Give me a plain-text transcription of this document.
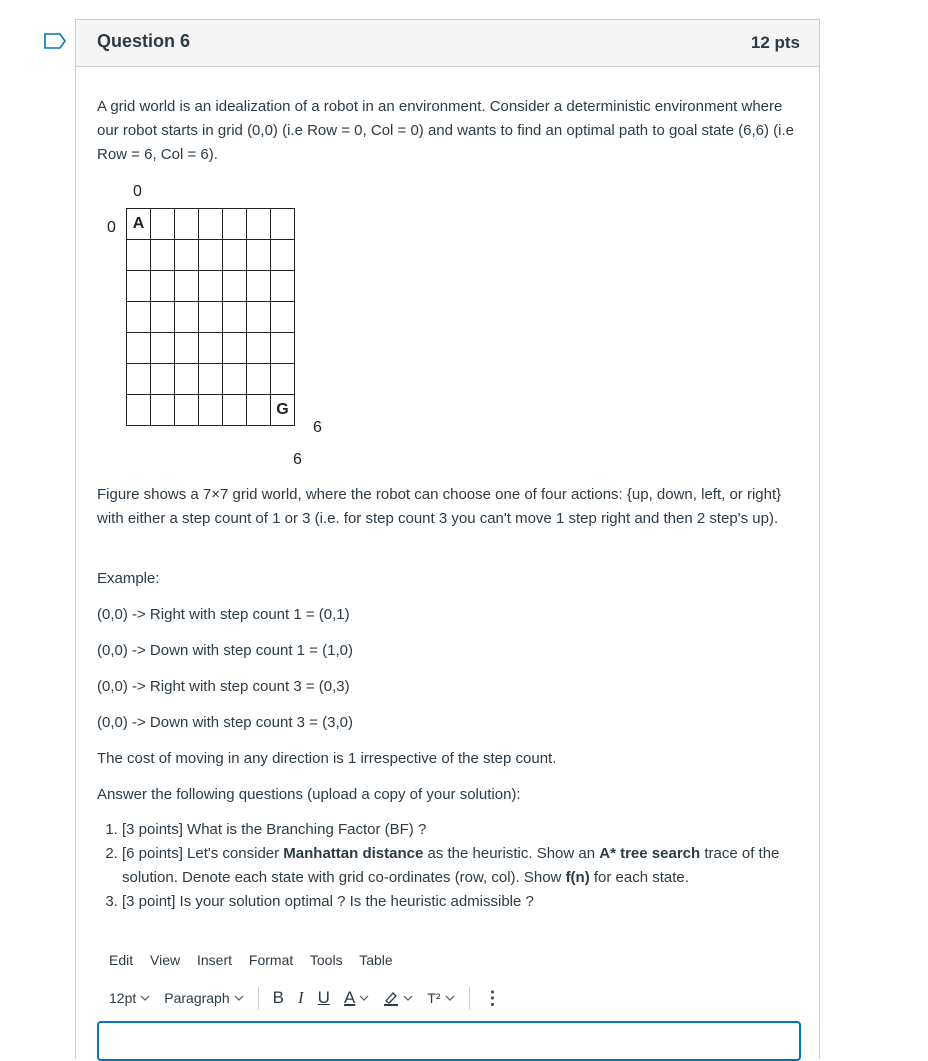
Question 6	12 pts
A grid world is an idealization of a robot in an environment. Consider a deterministic environment where our robot starts in grid (0,0) (i.e Row = 0, Col = 0) and wants to find an optimal path to goal state (6,6) (i.e Row = 6, Col = 6).
0
0 A						

						G
6
6
Figure shows a 7×7 grid world, where the robot can choose one of four actions: {up, down, left, or right} with either a step count of 1 or 3 (i.e. for step count 3 you can't move 1 step right and then 2 step's up).
Example:
(0,0) -> Right with step count 1 = (0,1)
(0,0) -> Down with step count 1 = (1,0)
(0,0) -> Right with step count 3 = (0,3)
(0,0) -> Down with step count 3 = (3,0)
The cost of moving in any direction is 1 irrespective of the step count.
Answer the following questions (upload a copy of your solution):
1. [3 points] What is the Branching Factor (BF) ?
2. [6 points] Let's consider Manhattan distance as the heuristic. Show an A* tree search trace of the solution. Denote each state with grid co-ordinates (row, col). Show f(n) for each state.
3. [3 point] Is your solution optimal ? Is the heuristic admissible ?
Edit View Insert Format Tools Table
12pt Paragraph	B I U A	T² ⋮
